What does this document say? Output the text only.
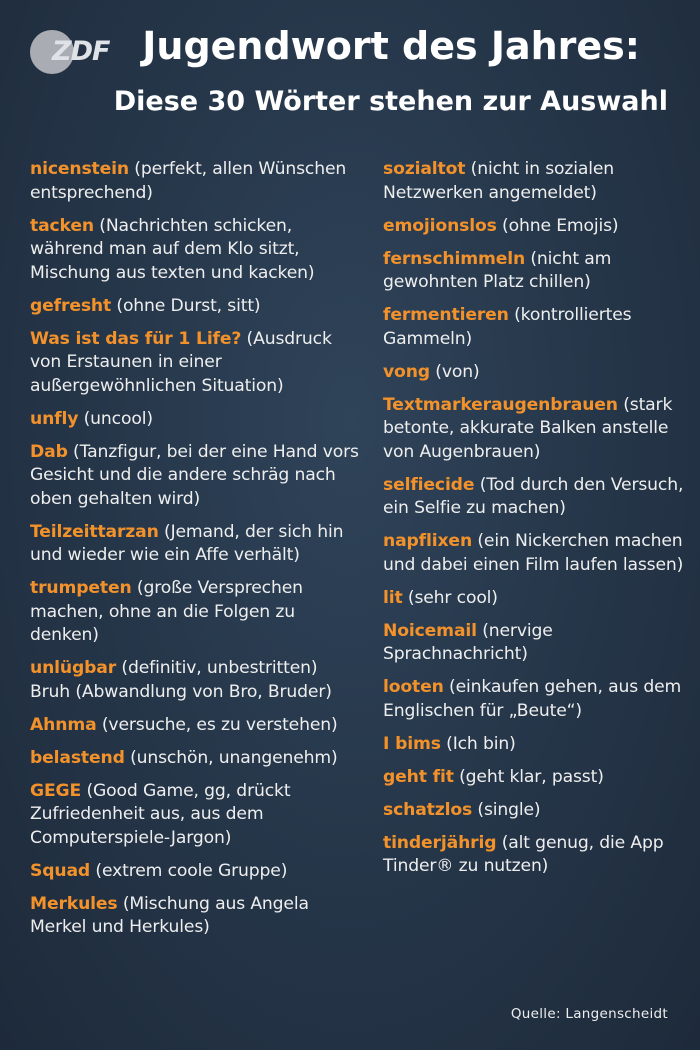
ZDF Jugendwort des Jahres:
Diese 30 Wörter stehen zur Auswahl

nicenstein (perfekt, allen Wünschen entsprechend)

tacken (Nachrichten schicken, während man auf dem Klo sitzt, Mischung aus texten und kacken)

gefresht (ohne Durst, sitt)

Was ist das für 1 Life? (Ausdruck von Erstaunen in einer außergewöhnlichen Situation)

unfly (uncool)

Dab (Tanzfigur, bei der eine Hand vors Gesicht und die andere schräg nach oben gehalten wird)

Teilzeittarzan (Jemand, der sich hin und wieder wie ein Affe verhält)

trumpeten (große Versprechen machen, ohne an die Folgen zu denken)

unlügbar (definitiv, unbestritten) Bruh (Abwandlung von Bro, Bruder)

Ahnma (versuche, es zu verstehen)

belastend (unschön, unangenehm)

GEGE (Good Game, gg, drückt Zufriedenheit aus, aus dem Computerspiele-Jargon)

Squad (extrem coole Gruppe)

Merkules (Mischung aus Angela Merkel und Herkules)

sozialtot (nicht in sozialen Netzwerken angemeldet)

emojionslos (ohne Emojis)

fernschimmeln (nicht am gewohnten Platz chillen)

fermentieren (kontrolliertes Gammeln)

vong (von)

Textmarkeraugenbrauen (stark betonte, akkurate Balken anstelle von Augenbrauen)

selfiecide (Tod durch den Versuch, ein Selfie zu machen)

napflixen (ein Nickerchen machen und dabei einen Film laufen lassen)

lit (sehr cool)

Noicemail (nervige Sprachnachricht)

looten (einkaufen gehen, aus dem Englischen für „Beute“)

I bims (Ich bin)

geht fit (geht klar, passt)

schatzlos (single)

tinderjährig (alt genug, die App Tinder® zu nutzen)

Quelle: Langenscheidt
